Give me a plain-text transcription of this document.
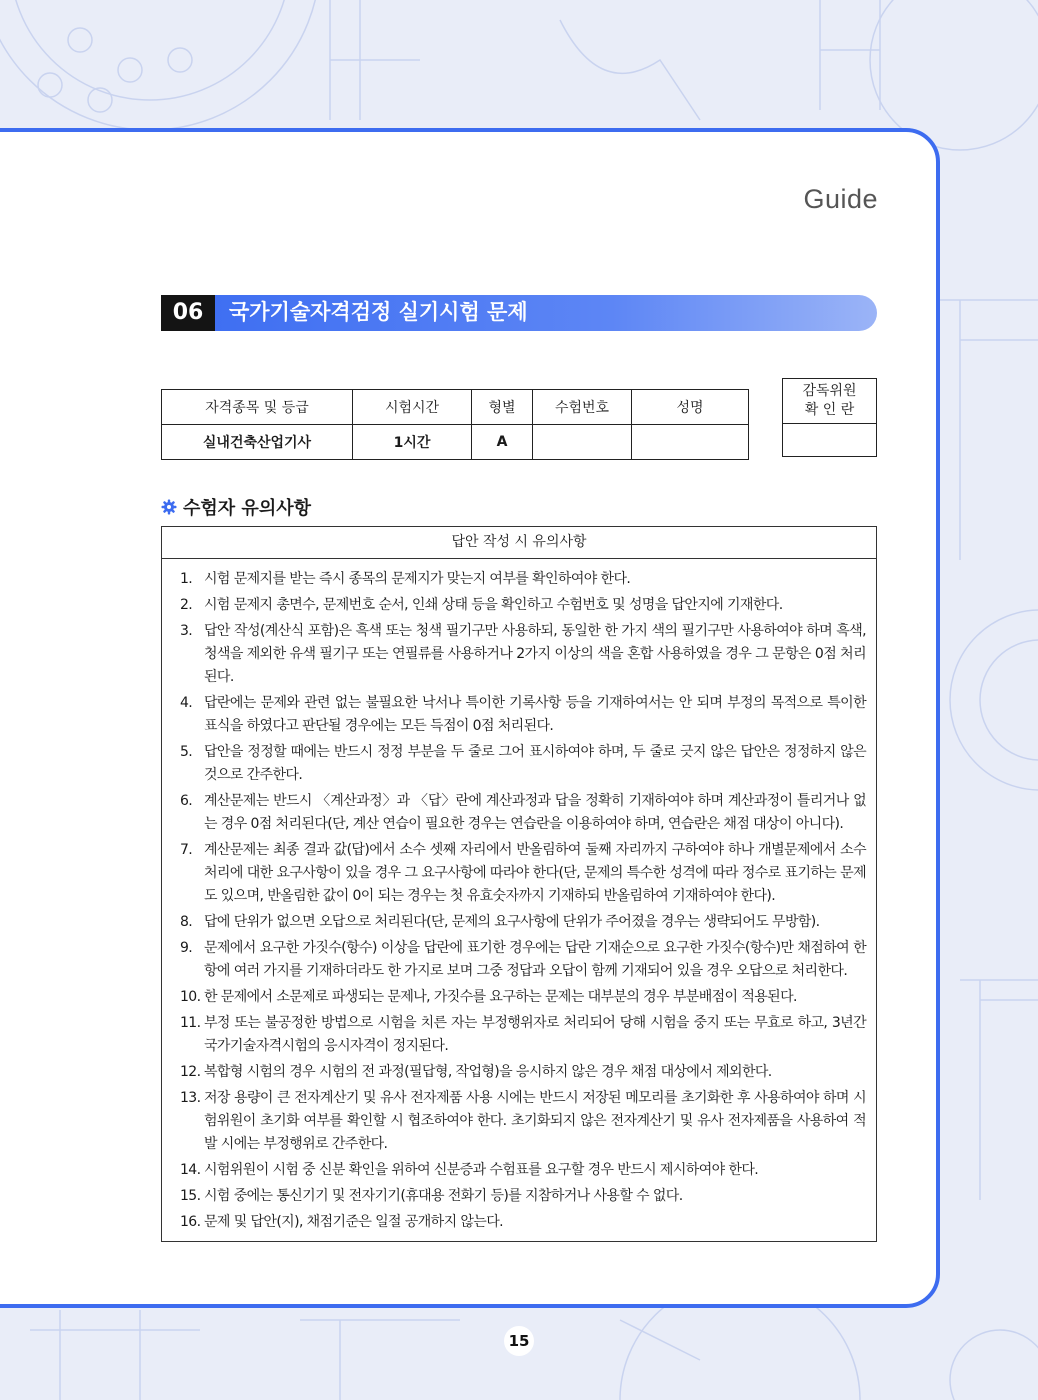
Guide
06	국가기술자격검정 실기시험 문제
자격종목 및 등급	시험시간	형별	수험번호	성명
실내건축산업기사	1시간	A		
감독위원
확 인 란

수험자 유의사항
답안 작성 시 유의사항
1. 시험 문제지를 받는 즉시 종목의 문제지가 맞는지 여부를 확인하여야 한다.
2. 시험 문제지 총면수, 문제번호 순서, 인쇄 상태 등을 확인하고 수험번호 및 성명을 답안지에 기재한다.
3. 답안 작성(계산식 포함)은 흑색 또는 청색 필기구만 사용하되, 동일한 한 가지 색의 필기구만 사용하여야 하며 흑색, 청색을 제외한 유색 필기구 또는 연필류를 사용하거나 2가지 이상의 색을 혼합 사용하였을 경우 그 문항은 0점 처리된다.
4. 답란에는 문제와 관련 없는 불필요한 낙서나 특이한 기록사항 등을 기재하여서는 안 되며 부정의 목적으로 특이한 표식을 하였다고 판단될 경우에는 모든 득점이 0점 처리된다.
5. 답안을 정정할 때에는 반드시 정정 부분을 두 줄로 그어 표시하여야 하며, 두 줄로 긋지 않은 답안은 정정하지 않은 것으로 간주한다.
6. 계산문제는 반드시 〈계산과정〉과 〈답〉란에 계산과정과 답을 정확히 기재하여야 하며 계산과정이 틀리거나 없는 경우 0점 처리된다(단, 계산 연습이 필요한 경우는 연습란을 이용하여야 하며, 연습란은 채점 대상이 아니다).
7. 계산문제는 최종 결과 값(답)에서 소수 셋째 자리에서 반올림하여 둘째 자리까지 구하여야 하나 개별문제에서 소수 처리에 대한 요구사항이 있을 경우 그 요구사항에 따라야 한다(단, 문제의 특수한 성격에 따라 정수로 표기하는 문제도 있으며, 반올림한 값이 0이 되는 경우는 첫 유효숫자까지 기재하되 반올림하여 기재하여야 한다).
8. 답에 단위가 없으면 오답으로 처리된다(단, 문제의 요구사항에 단위가 주어졌을 경우는 생략되어도 무방함).
9. 문제에서 요구한 가짓수(항수) 이상을 답란에 표기한 경우에는 답란 기재순으로 요구한 가짓수(항수)만 채점하여 한 항에 여러 가지를 기재하더라도 한 가지로 보며 그중 정답과 오답이 함께 기재되어 있을 경우 오답으로 처리한다.
10. 한 문제에서 소문제로 파생되는 문제나, 가짓수를 요구하는 문제는 대부분의 경우 부분배점이 적용된다.
11. 부정 또는 불공정한 방법으로 시험을 치른 자는 부정행위자로 처리되어 당해 시험을 중지 또는 무효로 하고, 3년간 국가기술자격시험의 응시자격이 정지된다.
12. 복합형 시험의 경우 시험의 전 과정(필답형, 작업형)을 응시하지 않은 경우 채점 대상에서 제외한다.
13. 저장 용량이 큰 전자계산기 및 유사 전자제품 사용 시에는 반드시 저장된 메모리를 초기화한 후 사용하여야 하며 시험위원이 초기화 여부를 확인할 시 협조하여야 한다. 초기화되지 않은 전자계산기 및 유사 전자제품을 사용하여 적발 시에는 부정행위로 간주한다.
14. 시험위원이 시험 중 신분 확인을 위하여 신분증과 수험표를 요구할 경우 반드시 제시하여야 한다.
15. 시험 중에는 통신기기 및 전자기기(휴대용 전화기 등)를 지참하거나 사용할 수 없다.
16. 문제 및 답안(지), 채점기준은 일절 공개하지 않는다.
15
